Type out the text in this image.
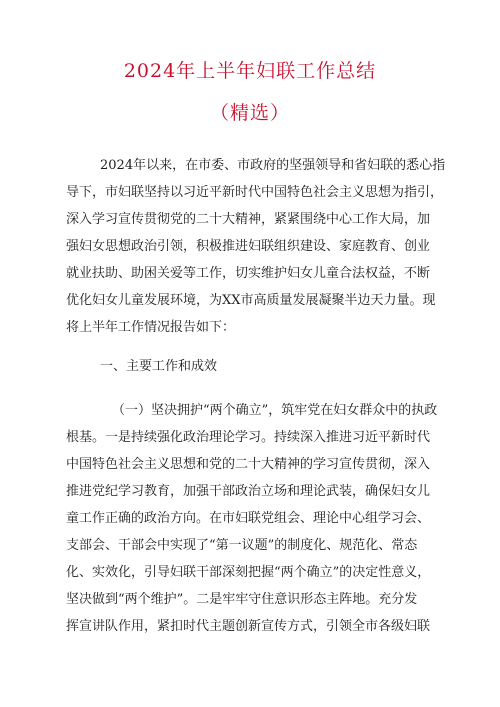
2024年上半年妇联工作总结
（精选）
2024年以来，在市委、市政府的坚强领导和省妇联的悉心指
导下，市妇联坚持以习近平新时代中国特色社会主义思想为指引，
深入学习宣传贯彻党的二十大精神，紧紧围绕中心工作大局，加
强妇女思想政治引领，积极推进妇联组织建设、家庭教育、创业
就业扶助、助困关爱等工作，切实维护妇女儿童合法权益，不断
优化妇女儿童发展环境，为XX市高质量发展凝聚半边天力量。现
将上半年工作情况报告如下：
一、主要工作和成效
（一）坚决拥护“两个确立”，筑牢党在妇女群众中的执政
根基。一是持续强化政治理论学习。持续深入推进习近平新时代
中国特色社会主义思想和党的二十大精神的学习宣传贯彻，深入
推进党纪学习教育，加强干部政治立场和理论武装，确保妇女儿
童工作正确的政治方向。在市妇联党组会、理论中心组学习会、
支部会、干部会中实现了“第一议题”的制度化、规范化、常态
化、实效化，引导妇联干部深刻把握“两个确立”的决定性意义，
坚决做到“两个维护”。二是牢牢守住意识形态主阵地。充分发
挥宣讲队作用，紧扣时代主题创新宣传方式，引领全市各级妇联
